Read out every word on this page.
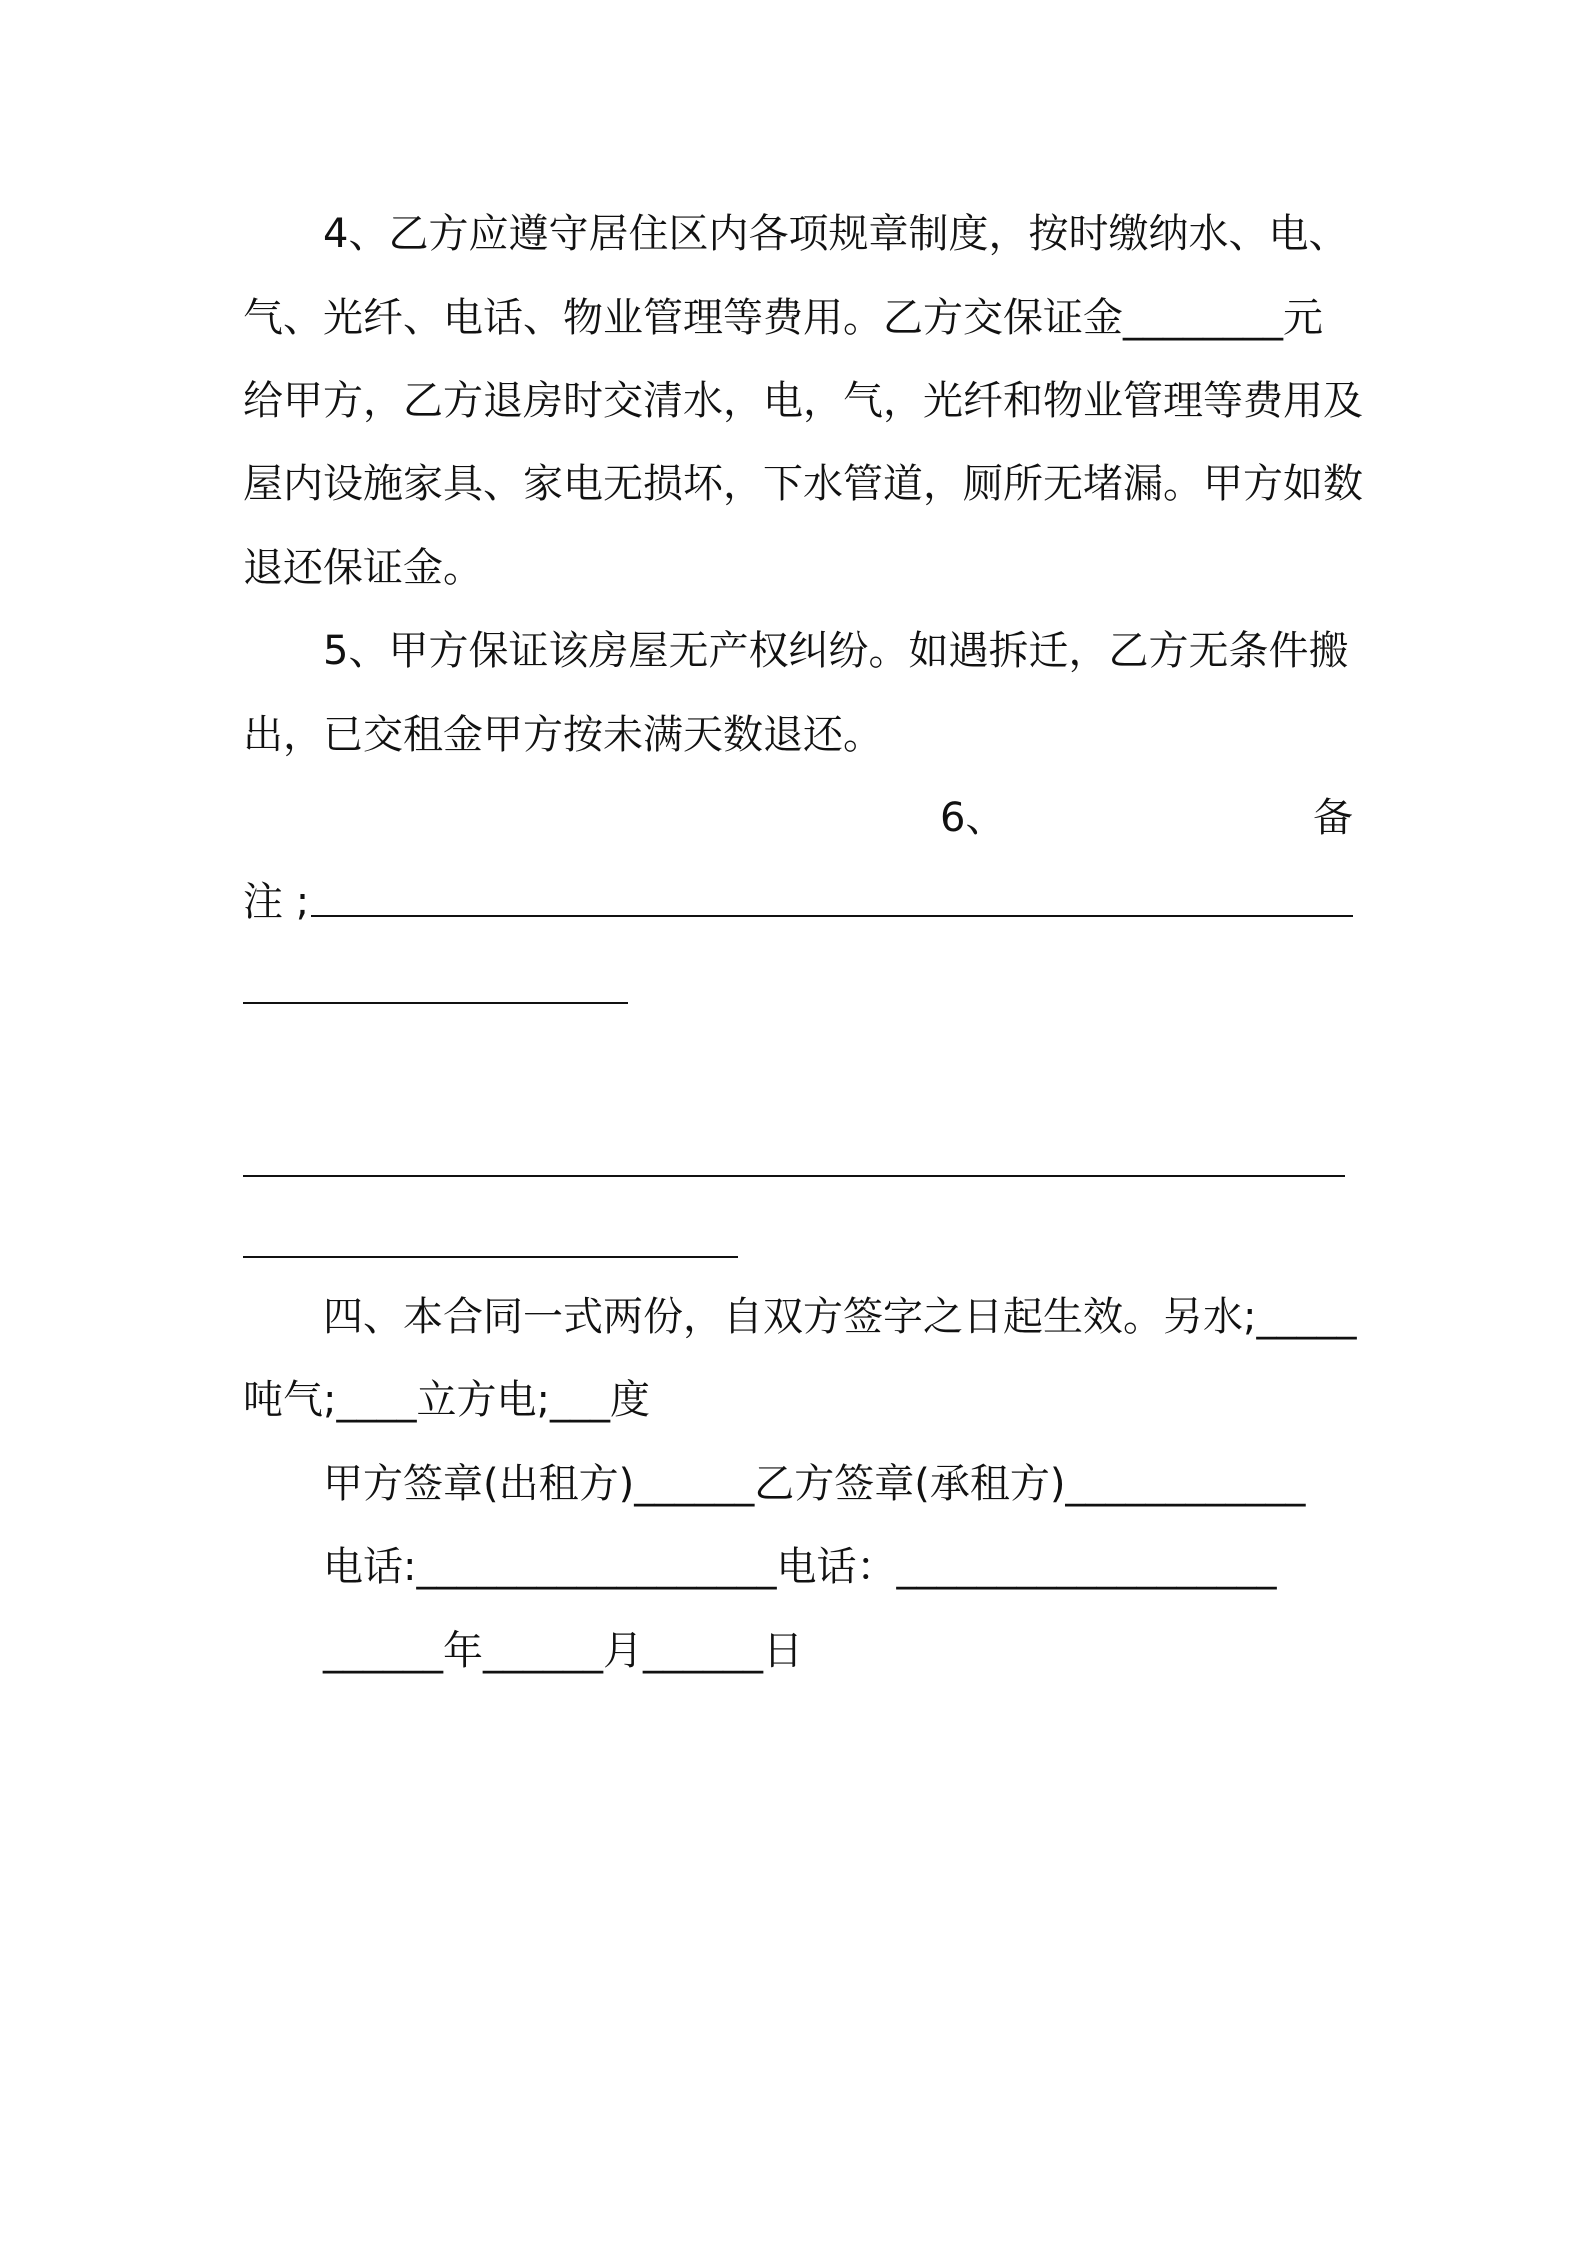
4、乙方应遵守居住区内各项规章制度，按时缴纳水、电、
气、光纤、电话、物业管理等费用。乙方交保证金________元
给甲方，乙方退房时交清水，电，气，光纤和物业管理等费用及
屋内设施家具、家电无损坏，下水管道，厕所无堵漏。甲方如数
退还保证金。
5、甲方保证该房屋无产权纠纷。如遇拆迁，乙方无条件搬
出，已交租金甲方按未满天数退还。
6、	备
注 ;
四、本合同一式两份，自双方签字之日起生效。另水;_____
吨气;____立方电;___度
甲方签章(出租方)______乙方签章(承租方)____________
电话:__________________电话：___________________
______年______月______日
